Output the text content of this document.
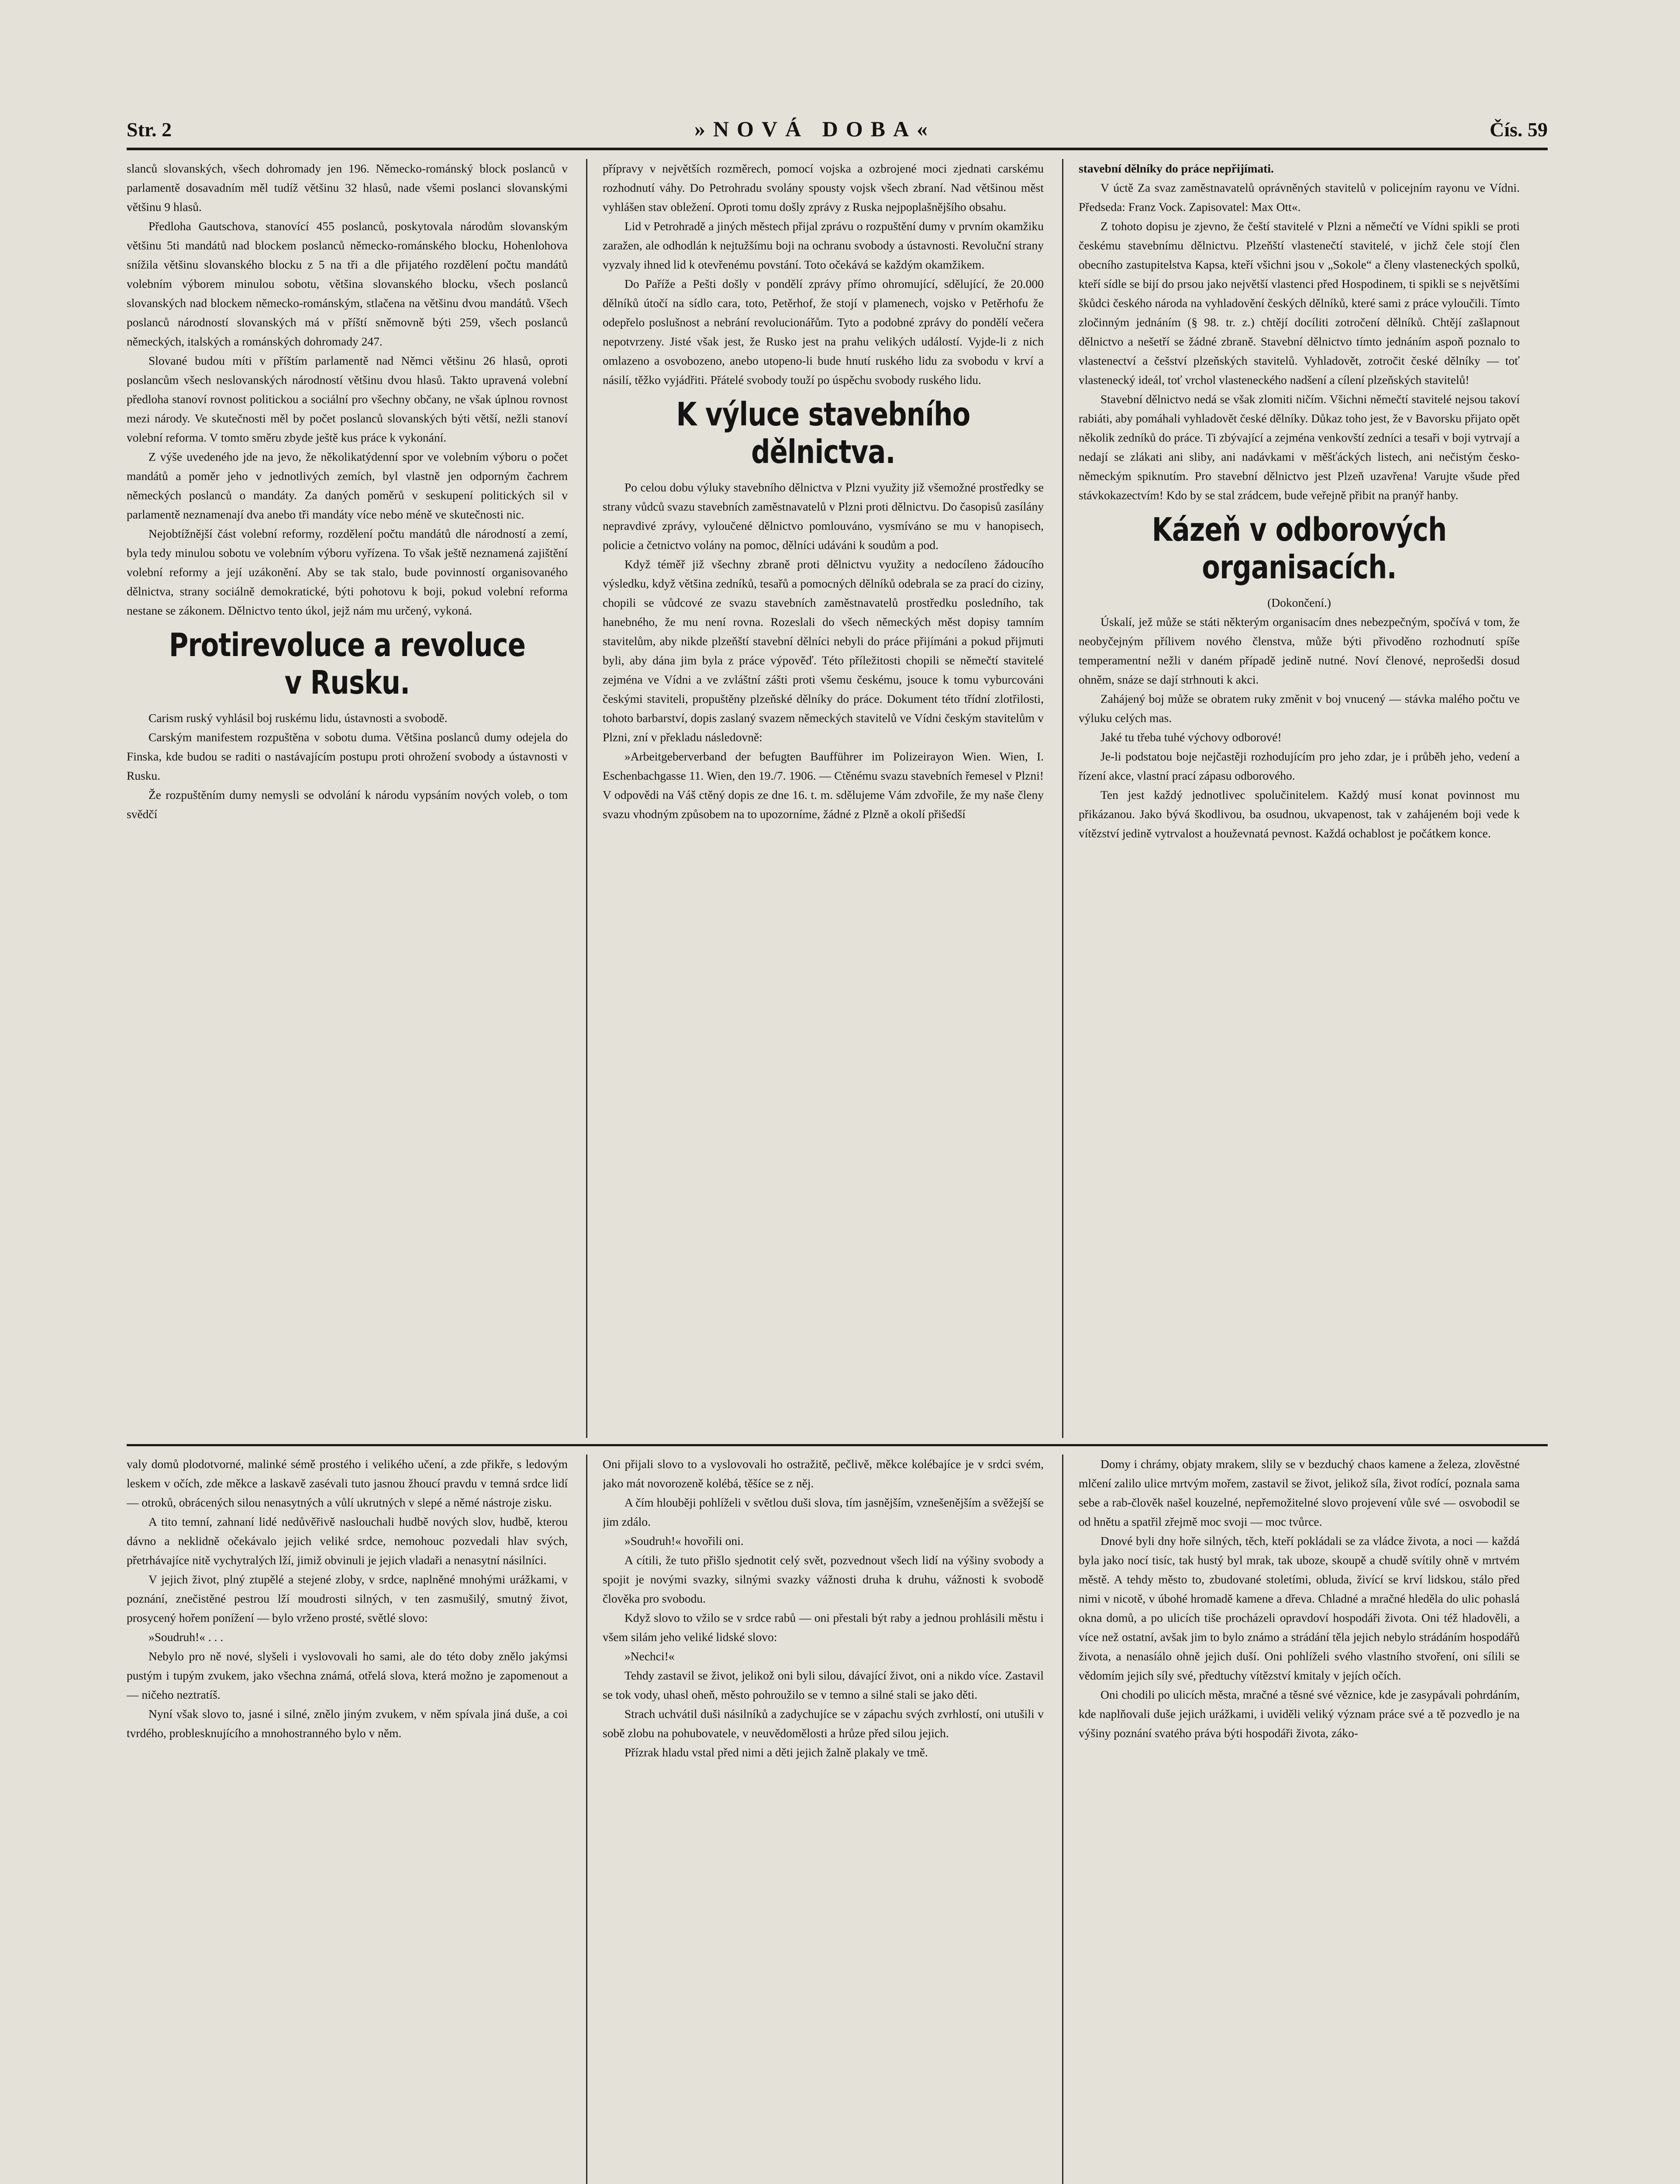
Str. 2	»NOVÁ DOBA«	Čís. 59

slanců slovanských, všech dohromady jen 196. Německo-románský block poslanců v parlamentě dosavadním měl tudíž většinu 32 hlasů, nade všemi poslanci slovanskými většinu 9 hlasů.

Předloha Gautschova, stanovící 455 poslanců, poskytovala národům slovanským většinu 5ti mandátů nad blockem poslanců německo-románského blocku, Hohenlohova snížila většinu slovanského blocku z 5 na tři a dle přijatého rozdělení počtu mandátů volebním výborem minulou sobotu, většina slovanského blocku, všech poslanců slovanských nad blockem německo-románským, stlačena na většinu dvou mandátů. Všech poslanců národností slovanských má v příští sněmovně býti 259, všech poslanců německých, italských a románských dohromady 247.

Slované budou míti v příštím parlamentě nad Němci většinu 26 hlasů, oproti poslancům všech neslovanských národností většinu dvou hlasů. Takto upravená volební předloha stanoví rovnost politickou a sociální pro všechny občany, ne však úplnou rovnost mezi národy. Ve skutečnosti měl by počet poslanců slovanských býti větší, nežli stanoví volební reforma. V tomto směru zbyde ještě kus práce k vykonání.

Z výše uvedeného jde na jevo, že několikatýdenní spor ve volebním výboru o počet mandátů a poměr jeho v jednotlivých zemích, byl vlastně jen odporným čachrem německých poslanců o mandáty. Za daných poměrů v seskupení politických sil v parlamentě neznamenají dva anebo tři mandáty více nebo méně ve skutečnosti nic.

Nejobtížnější část volební reformy, rozdělení počtu mandátů dle národností a zemí, byla tedy minulou sobotu ve volebním výboru vyřízena. To však ještě neznamená zajištění volební reformy a její uzákonění. Aby se tak stalo, bude povinností organisovaného dělnictva, strany sociálně demokratické, býti pohotovu k boji, pokud volební reforma nestane se zákonem. Dělnictvo tento úkol, jejž nám mu určený, vykoná.

Protirevoluce a revoluce v Rusku.

Carism ruský vyhlásil boj ruskému lidu, ústavnosti a svobodě.

Carským manifestem rozpuštěna v sobotu duma. Většina poslanců dumy odejela do Finska, kde budou se raditi o nastávajícím postupu proti ohrožení svobody a ústavnosti v Rusku.

Že rozpuštěním dumy nemysli se odvolání k národu vypsáním nových voleb, o tom svědčí

přípravy v největších rozměrech, pomocí vojska a ozbrojené moci zjednati carskému rozhodnutí váhy. Do Petrohradu svolány spousty vojsk všech zbraní. Nad většinou měst vyhlášen stav obležení. Oproti tomu došly zprávy z Ruska nejpoplašnějšího obsahu.

Lid v Petrohradě a jiných městech přijal zprávu o rozpuštění dumy v prvním okamžiku zaražen, ale odhodlán k nejtužšímu boji na ochranu svobody a ústavnosti. Revoluční strany vyzvaly ihned lid k otevřenému povstání. Toto očekává se každým okamžikem.

Do Paříže a Pešti došly v pondělí zprávy přímo ohromující, sdělující, že 20.000 dělníků útočí na sídlo cara, toto, Petěrhof, že stojí v plamenech, vojsko v Petěrhofu že odepřelo poslušnost a nebrání revolucionářům. Tyto a podobné zprávy do pondělí večera nepotvrzeny. Jisté však jest, že Rusko jest na prahu velikých událostí. Vyjde-li z nich omlazeno a osvobozeno, anebo utopeno-li bude hnutí ruského lidu za svobodu v krví a násilí, těžko vyjádřiti. Přátelé svobody touží po úspěchu svobody ruského lidu.

K výluce stavebního dělnictva.

Po celou dobu výluky stavebního dělnictva v Plzni využity již všemožné prostředky se strany vůdců svazu stavebních zaměstnavatelů v Plzni proti dělnictvu. Do časopisů zasílány nepravdivé zprávy, vyloučené dělnictvo pomlouváno, vysmíváno se mu v hanopisech, policie a četnictvo volány na pomoc, dělníci udáváni k soudům a pod.

Když téměř již všechny zbraně proti dělnictvu využity a nedocíleno žádoucího výsledku, když většina zedníků, tesařů a pomocných dělníků odebrala se za prací do ciziny, chopili se vůdcové ze svazu stavebních zaměstnavatelů prostředku posledního, tak hanebného, že mu není rovna. Rozeslali do všech německých měst dopisy tamním stavitelům, aby nikde plzeňští stavební dělníci nebyli do práce přijímáni a pokud přijmuti byli, aby dána jim byla z práce výpověď. Této příležitosti chopili se němečtí stavitelé zejména ve Vídni a ve zvláštní zášti proti všemu českému, jsouce k tomu vyburcováni českými staviteli, propuštěny plzeňské dělníky do práce. Dokument této třídní zlotřilosti, tohoto barbarství, dopis zaslaný svazem německých stavitelů ve Vídni českým stavitelům v Plzni, zní v překladu následovně:

»Arbeitgeberverband der befugten Baufführer im Polizeirayon Wien. Wien, I. Eschenbachgasse 11. Wien, den 19./7. 1906. — Ctěnému svazu stavebních řemesel v Plzni! V odpovědi na Váš ctěný dopis ze dne 16. t. m. sdělujeme Vám zdvořile, že my naše členy svazu vhodným způsobem na to upozorníme, žádné z Plzně a okolí přišedší

stavební dělníky do práce nepřijímati.

V úctě Za svaz zaměstnavatelů oprávněných stavitelů v policejním rayonu ve Vídni. Předseda: Franz Vock. Zapisovatel: Max Ott«.

Z tohoto dopisu je zjevno, že čeští stavitelé v Plzni a němečtí ve Vídni spikli se proti českému stavebnímu dělnictvu. Plzeňští vlastenečtí stavitelé, v jichž čele stojí člen obecního zastupitelstva Kapsa, kteří všichni jsou v „Sokole“ a členy vlasteneckých spolků, kteří sídle se bijí do prsou jako největší vlastenci před Hospodinem, ti spikli se s největšími škůdci českého národa na vyhladovění českých dělníků, které sami z práce vyloučili. Tímto zločinným jednáním (§ 98. tr. z.) chtějí docíliti zotročení dělníků. Chtějí zašlapnout dělnictvo a nešetří se žádné zbraně. Stavební dělnictvo tímto jednáním aspoň poznalo to vlastenectví a češství plzeňských stavitelů. Vyhladovět, zotročit české dělníky — toť vlastenecký ideál, toť vrchol vlasteneckého nadšení a cílení plzeňských stavitelů!

Stavební dělnictvo nedá se však zlomiti ničím. Všichni němečtí stavitelé nejsou takoví rabiáti, aby pomáhali vyhladovět české dělníky. Důkaz toho jest, že v Bavorsku přijato opět několik zedníků do práce. Ti zbývající a zejména venkovští zedníci a tesaři v boji vytrvají a nedají se zlákati ani sliby, ani nadávkami v měšťáckých listech, ani nečistým česko-německým spiknutím. Pro stavební dělnictvo jest Plzeň uzavřena! Varujte všude před stávkokazectvím! Kdo by se stal zrádcem, bude veřejně přibit na pranýř hanby.

Kázeň v odborových organisacích.

(Dokončení.)

Úskalí, jež může se státi některým organisacím dnes nebezpečným, spočívá v tom, že neobyčejným přílivem nového členstva, může býti přivoděno rozhodnutí spíše temperamentní nežli v daném případě jedině nutné. Noví členové, neprošedši dosud ohněm, snáze se dají strhnouti k akci.

Zahájený boj může se obratem ruky změnit v boj vnucený — stávka malého počtu ve výluku celých mas.

Jaké tu třeba tuhé výchovy odborové!

Je-li podstatou boje nejčastěji rozhodujícím pro jeho zdar, je i průběh jeho, vedení a řízení akce, vlastní prací zápasu odborového.

Ten jest každý jednotlivec spolučinitelem. Každý musí konat povinnost mu přikázanou. Jako bývá škodlivou, ba osudnou, ukvapenost, tak v zahájeném boji vede k vítězství jedině vytrvalost a houževnatá pevnost. Každá ochablost je počátkem konce.

valy domů plodotvorné, malinké sémě prostého i velikého učení, a zde přikře, s ledovým leskem v očích, zde měkce a laskavě zasévali tuto jasnou žhoucí pravdu v temná srdce lidí — otroků, obrácených silou nenasytných a vůlí ukrutných v slepé a němé nástroje zisku.

A tito temní, zahnaní lidé nedůvěřivě naslouchali hudbě nových slov, hudbě, kterou dávno a neklidně očekávalo jejich veliké srdce, nemohouc pozvedali hlav svých, přetrhávajíce nitě vychytralých lží, jimiž obvinuli je jejich vladaři a nenasytní násilníci.

V jejich život, plný ztupělé a stejené zloby, v srdce, naplněné mnohými urážkami, v poznání, znečistěné pestrou lží moudrosti silných, v ten zasmušilý, smutný život, prosycený hořem ponížení — bylo vrženo prosté, světlé slovo:

»Soudruh!« . . .

Nebylo pro ně nové, slyšeli i vyslovovali ho sami, ale do této doby znělo jakýmsi pustým i tupým zvukem, jako všechna známá, otřelá slova, která možno je zapomenout a — ničeho neztratíš.

Nyní však slovo to, jasné i silné, znělo jiným zvukem, v něm spívala jiná duše, a coi tvrdého, problesknujícího a mnohostranného bylo v něm.

Oni přijali slovo to a vyslovovali ho ostražitě, pečlivě, měkce kolébajíce je v srdci svém, jako mát novorozeně kolébá, těšíce se z něj.

A čím hlouběji pohlíželi v světlou duši slova, tím jasnějším, vznešenějším a svěžejší se jim zdálo.

»Soudruh!« hovořili oni.

A cítili, že tuto přišlo sjednotit celý svět, pozvednout všech lidí na výšiny svobody a spojit je novými svazky, silnými svazky vážnosti druha k druhu, vážnosti k svobodě člověka pro svobodu.

Když slovo to vžilo se v srdce rabů — oni přestali být raby a jednou prohlásili městu i všem silám jeho veliké lidské slovo:

»Nechci!«

Tehdy zastavil se život, jelikož oni byli silou, dávající život, oni a nikdo více. Zastavil se tok vody, uhasl oheň, město pohroužilo se v temno a silné stali se jako děti.

Strach uchvátil duši násilníků a zadychujíce se v zápachu svých zvrhlostí, oni utušili v sobě zlobu na pohubovatele, v neuvědomělosti a hrůze před silou jejich.

Přízrak hladu vstal před nimi a děti jejich žalně plakaly ve tmě.

Domy i chrámy, objaty mrakem, slily se v bezduchý chaos kamene a železa, zlověstné mlčení zalilo ulice mrtvým mořem, zastavil se život, jelikož síla, život rodící, poznala sama sebe a rab-člověk našel kouzelné, nepřemožitelné slovo projevení vůle své — osvobodil se od hnětu a spatřil zřejmě moc svoji — moc tvůrce.

Dnové byli dny hoře silných, těch, kteří pokládali se za vládce života, a noci — každá byla jako nocí tisíc, tak hustý byl mrak, tak uboze, skoupě a chudě svítily ohně v mrtvém městě. A tehdy město to, zbudované stoletími, obluda, živící se krví lidskou, stálo před nimi v nicotě, v úbohé hromadě kamene a dřeva. Chladné a mračné hleděla do ulic pohaslá okna domů, a po ulicích tiše procházeli opravdoví hospodáři života. Oni též hladověli, a více než ostatní, avšak jim to bylo známo a strádání těla jejich nebylo strádáním hospodářů života, a nenasíálo ohně jejich duší. Oni pohlíželi svého vlastního stvoření, oni sílili se vědomím jejich síly své, předtuchy vítězství kmitaly v jejích očích.

Oni chodili po ulicích města, mračné a těsné své věznice, kde je zasypávali pohrdáním, kde naplňovali duše jejich urážkami, i uviděli veliký význam práce své a tě pozvedlo je na výšiny poznání svatého práva býti hospodáři života, záko-
